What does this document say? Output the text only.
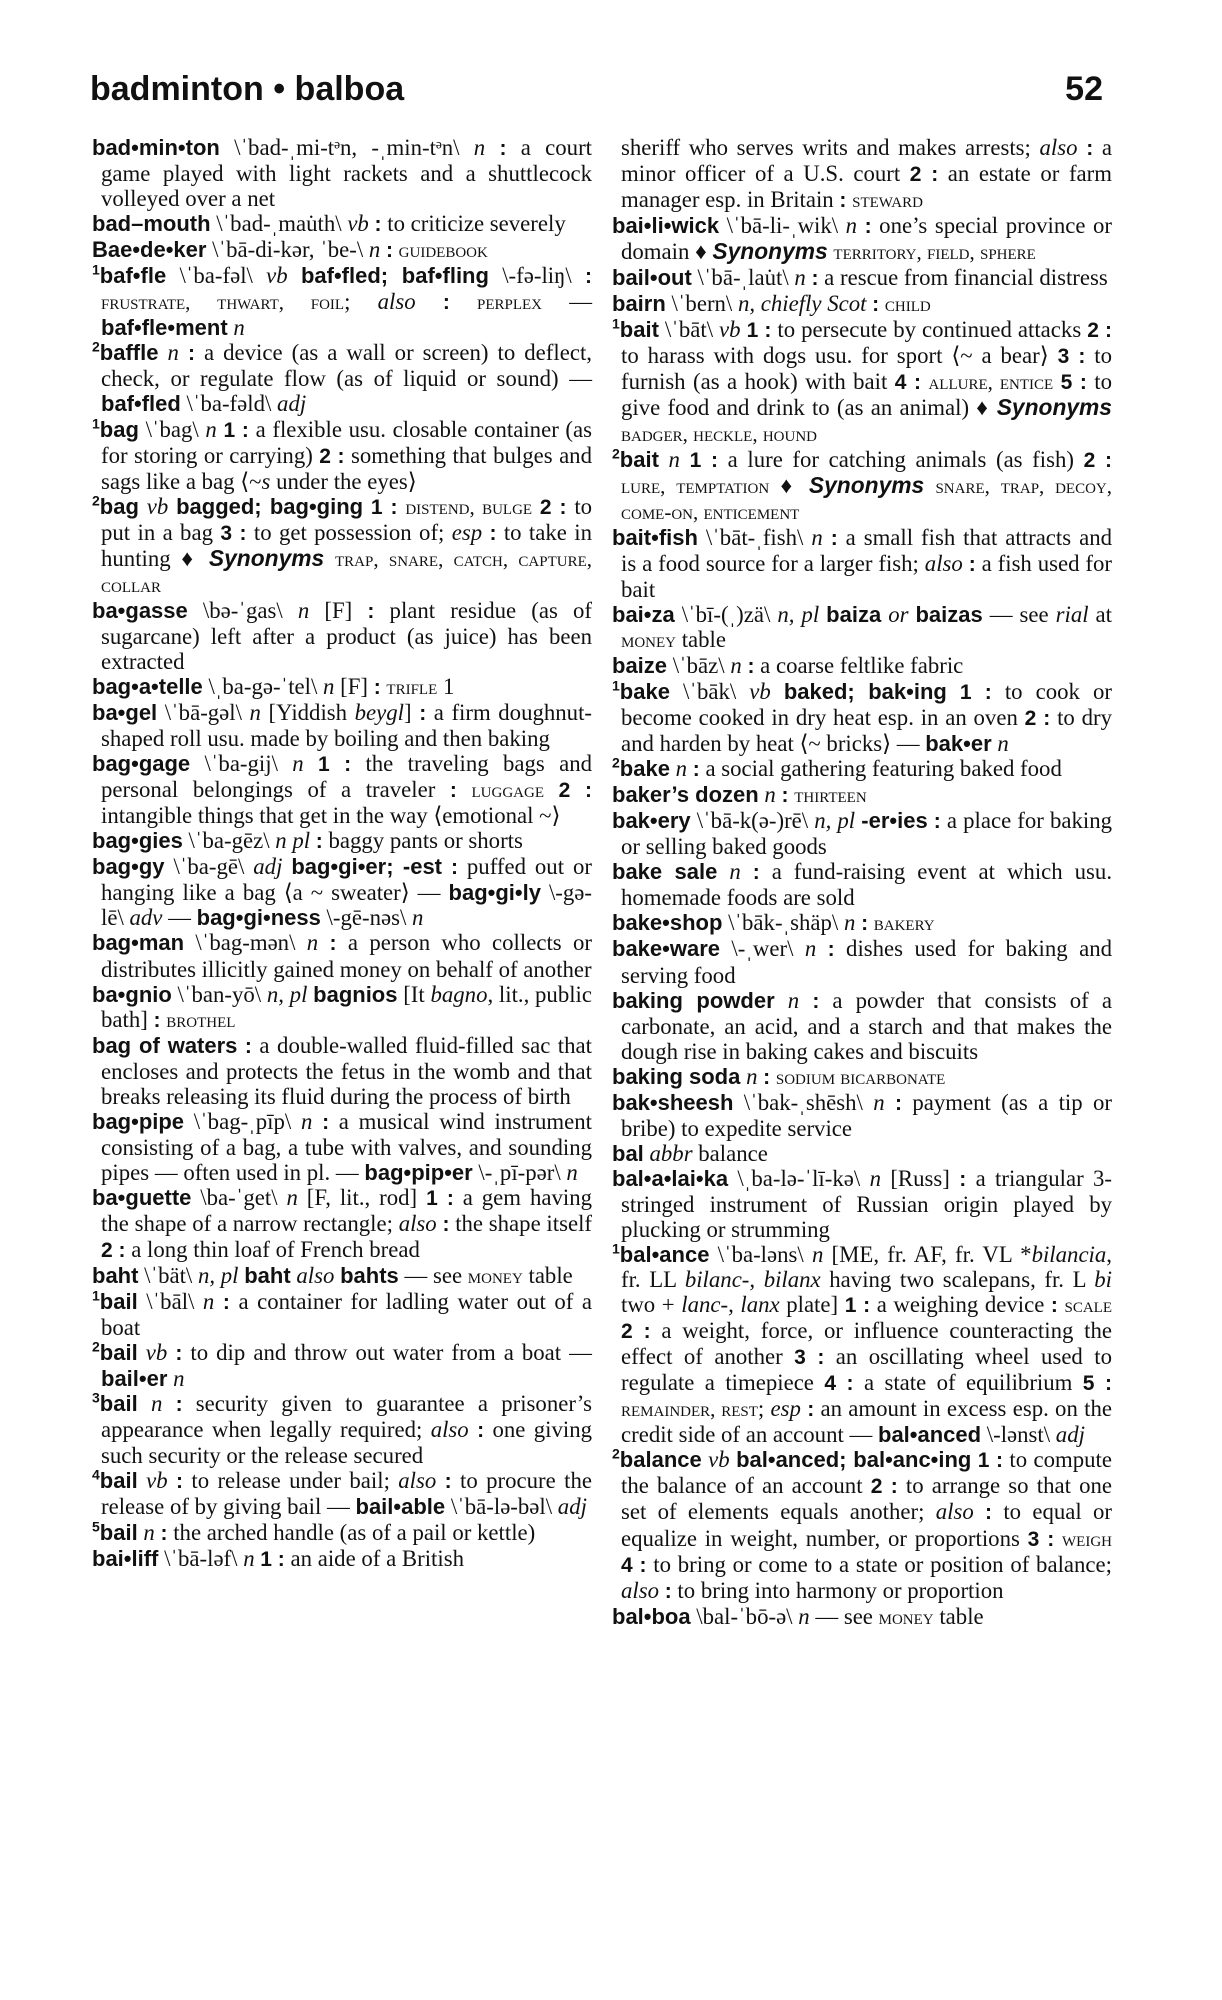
badminton • balboa	52

bad•min•ton \ˈbad-ˌmi-tᵊn, -ˌmin-tᵊn\ n : a court game played with light rackets and a shuttlecock volleyed over a net

bad–mouth \ˈbad-ˌmau̇th\ vb : to criticize severely

Bae•de•ker \ˈbā-di-kər, ˈbe-\ n : guidebook

$^1$baf•fle \ˈba-fəl\ vb baf•fled; baf•fling \-fə-liŋ\ : frustrate, thwart, foil; also : perplex — baf•fle•ment n

$^2$baffle n : a device (as a wall or screen) to deflect, check, or regulate flow (as of liquid or sound) — baf•fled \ˈba-fəld\ adj

$^1$bag \ˈbag\ n 1 : a flexible usu. closable container (as for storing or carrying) 2 : something that bulges and sags like a bag ⟨~s under the eyes⟩

$^2$bag vb bagged; bag•ging 1 : distend, bulge 2 : to put in a bag 3 : to get possession of; esp : to take in hunting ♦ Synonyms trap, snare, catch, capture, collar

ba•gasse \bə-ˈgas\ n [F] : plant residue (as of sugarcane) left after a product (as juice) has been extracted

bag•a•telle \ˌba-gə-ˈtel\ n [F] : trifle 1

ba•gel \ˈbā-gəl\ n [Yiddish beygl] : a firm doughnut-shaped roll usu. made by boiling and then baking

bag•gage \ˈba-gij\ n 1 : the traveling bags and personal belongings of a traveler : luggage 2 : intangible things that get in the way ⟨emotional ~⟩

bag•gies \ˈba-gēz\ n pl : baggy pants or shorts

bag•gy \ˈba-gē\ adj bag•gi•er; -est : puffed out or hanging like a bag ⟨a ~ sweater⟩ — bag•gi•ly \-gə-lē\ adv — bag•gi•ness \-gē-nəs\ n

bag•man \ˈbag-mən\ n : a person who collects or distributes illicitly gained money on behalf of another

ba•gnio \ˈban-yō\ n, pl bagnios [It bagno, lit., public bath] : brothel

bag of waters : a double-walled fluid-filled sac that encloses and protects the fetus in the womb and that breaks releasing its fluid during the process of birth

bag•pipe \ˈbag-ˌpīp\ n : a musical wind instrument consisting of a bag, a tube with valves, and sounding pipes — often used in pl. — bag•pip•er \-ˌpī-pər\ n

ba•guette \ba-ˈget\ n [F, lit., rod] 1 : a gem having the shape of a narrow rectangle; also : the shape itself 2 : a long thin loaf of French bread

baht \ˈbät\ n, pl baht also bahts — see money table

$^1$bail \ˈbāl\ n : a container for ladling water out of a boat

$^2$bail vb : to dip and throw out water from a boat — bail•er n

$^3$bail n : security given to guarantee a prisoner’s appearance when legally required; also : one giving such security or the release secured

$^4$bail vb : to release under bail; also : to procure the release of by giving bail — bail•able \ˈbā-lə-bəl\ adj

$^5$bail n : the arched handle (as of a pail or kettle)

bai•liff \ˈbā-ləf\ n 1 : an aide of a British

sheriff who serves writs and makes arrests; also : a minor officer of a U.S. court 2 : an estate or farm manager esp. in Britain : steward

bai•li•wick \ˈbā-li-ˌwik\ n : one’s special province or domain ♦ Synonyms territory, field, sphere

bail•out \ˈbā-ˌlau̇t\ n : a rescue from financial distress

bairn \ˈbern\ n, chiefly Scot : child

$^1$bait \ˈbāt\ vb 1 : to persecute by continued attacks 2 : to harass with dogs usu. for sport ⟨~ a bear⟩ 3 : to furnish (as a hook) with bait 4 : allure, entice 5 : to give food and drink to (as an animal) ♦ Synonyms badger, heckle, hound

$^2$bait n 1 : a lure for catching animals (as fish) 2 : lure, temptation ♦ Synonyms snare, trap, decoy, come-on, enticement

bait•fish \ˈbāt-ˌfish\ n : a small fish that attracts and is a food source for a larger fish; also : a fish used for bait

bai•za \ˈbī-(ˌ)zä\ n, pl baiza or baizas — see rial at money table

baize \ˈbāz\ n : a coarse feltlike fabric

$^1$bake \ˈbāk\ vb baked; bak•ing 1 : to cook or become cooked in dry heat esp. in an oven 2 : to dry and harden by heat ⟨~ bricks⟩ — bak•er n

$^2$bake n : a social gathering featuring baked food

baker’s dozen n : thirteen

bak•ery \ˈbā-k(ə-)rē\ n, pl -er•ies : a place for baking or selling baked goods

bake sale n : a fund-raising event at which usu. homemade foods are sold

bake•shop \ˈbāk-ˌshäp\ n : bakery

bake•ware \-ˌwer\ n : dishes used for baking and serving food

baking powder n : a powder that consists of a carbonate, an acid, and a starch and that makes the dough rise in baking cakes and biscuits

baking soda n : sodium bicarbonate

bak•sheesh \ˈbak-ˌshēsh\ n : payment (as a tip or bribe) to expedite service

bal abbr balance

bal•a•lai•ka \ˌba-lə-ˈlī-kə\ n [Russ] : a triangular 3-stringed instrument of Russian origin played by plucking or strumming

$^1$bal•ance \ˈba-ləns\ n [ME, fr. AF, fr. VL *bilancia, fr. LL bilanc-, bilanx having two scalepans, fr. L bi two + lanc-, lanx plate] 1 : a weighing device : scale 2 : a weight, force, or influence counteracting the effect of another 3 : an oscillating wheel used to regulate a timepiece 4 : a state of equilibrium 5 : remainder, rest; esp : an amount in excess esp. on the credit side of an account — bal•anced \-lənst\ adj

$^2$balance vb bal•anced; bal•anc•ing 1 : to compute the balance of an account 2 : to arrange so that one set of elements equals another; also : to equal or equalize in weight, number, or proportions 3 : weigh 4 : to bring or come to a state or position of balance; also : to bring into harmony or proportion

bal•boa \bal-ˈbō-ə\ n — see money table
